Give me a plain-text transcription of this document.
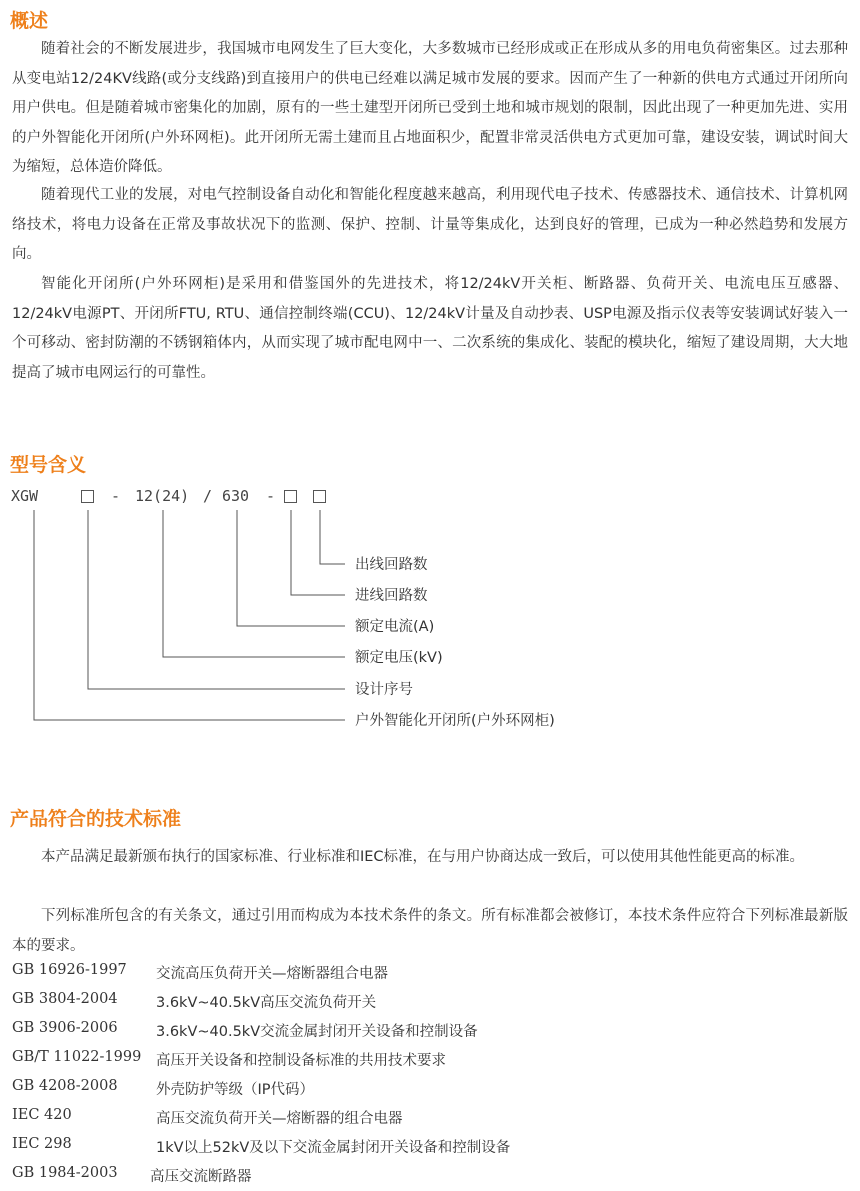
概述

随着社会的不断发展进步，我国城市电网发生了巨大变化，大多数城市已经形成或正在形成从多的用电负荷密集区。过去那种从变电站12/24KV线路(或分支线路)到直接用户的供电已经难以满足城市发展的要求。因而产生了一种新的供电方式通过开闭所向用户供电。但是随着城市密集化的加剧，原有的一些土建型开闭所已受到土地和城市规划的限制，因此出现了一种更加先进、实用的户外智能化开闭所(户外环网柜)。此开闭所无需土建而且占地面积少，配置非常灵活供电方式更加可靠，建设安装，调试时间大为缩短，总体造价降低。

随着现代工业的发展，对电气控制设备自动化和智能化程度越来越高，利用现代电子技术、传感器技术、通信技术、计算机网络技术，将电力设备在正常及事故状况下的监测、保护、控制、计量等集成化，达到良好的管理，已成为一种必然趋势和发展方向。

智能化开闭所(户外环网柜)是采用和借鉴国外的先进技术，将12/24kV开关柜、断路器、负荷开关、电流电压互感器、12/24kV电源PT、开闭所FTU, RTU、通信控制终端(CCU)、12/24kV计量及自动抄表、USP电源及指示仪表等安装调试好装入一个可移动、密封防潮的不锈钢箱体内，从而实现了城市配电网中一、二次系统的集成化、装配的模块化，缩短了建设周期，大大地提高了城市电网运行的可靠性。

型号含义
XGW	- 12(24) / 630 -
出线回路数
进线回路数
额定电流(A)
额定电压(kV)
设计序号
户外智能化开闭所(户外环网柜)
产品符合的技术标准

本产品满足最新颁布执行的国家标准、行业标准和IEC标准，在与用户协商达成一致后，可以使用其他性能更高的标准。

下列标准所包含的有关条文，通过引用而构成为本技术条件的条文。所有标准都会被修订，本技术条件应符合下列标准最新版本的要求。

GB 16926-1997 交流高压负荷开关—熔断器组合电器
GB 3804-2004	3.6kV~40.5kV高压交流负荷开关
GB 3906-2006	3.6kV~40.5kV交流金属封闭开关设备和控制设备
GB/T 11022-1999 高压开关设备和控制设备标准的共用技术要求
GB 4208-2008	外壳防护等级（IP代码）
IEC 420	高压交流负荷开关—熔断器的组合电器
IEC 298	1kV以上52kV及以下交流金属封闭开关设备和控制设备
GB 1984-2003 高压交流断路器
